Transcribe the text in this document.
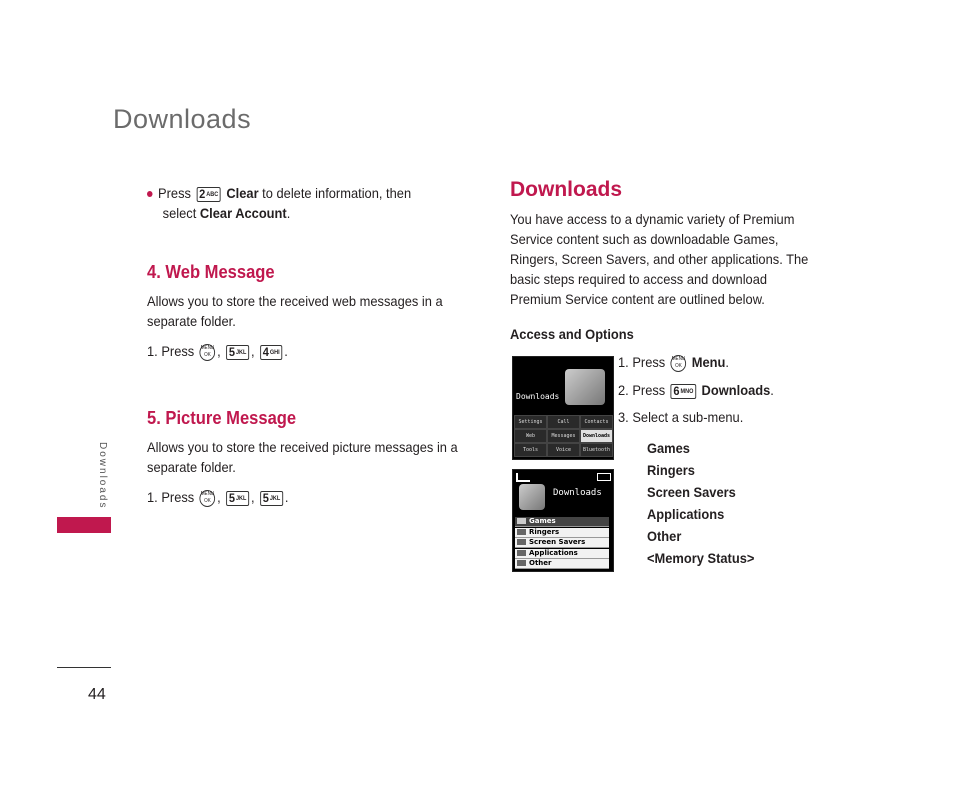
Downloads
Downloads
44
Press 2ABC Clear to delete information, then
select Clear Account.
4. Web Message
Allows you to store the received web messages in a
separate folder.
1. Press MENU
OK , 5JKL , 4GHI .
5. Picture Message
Allows you to store the received picture messages in a
separate folder.
1. Press MENU
OK , 5JKL , 5JKL .
Downloads
You have access to a dynamic variety of Premium
Service content such as downloadable Games,
Ringers, Screen Savers, and other applications. The
basic steps required to access and download
Premium Service content are outlined below.
Access and Options
1. Press MENU
OK Menu.
2. Press 6MNO Downloads.
3. Select a sub-menu.
Games
Ringers
Screen Savers
Applications
Other
<Memory Status>
Downloads
Settings	Call	Contacts
Web	Messages	Downloads
Tools	Voice	Bluetooth
Downloads
Games
Ringers
Screen Savers
Applications
Other
